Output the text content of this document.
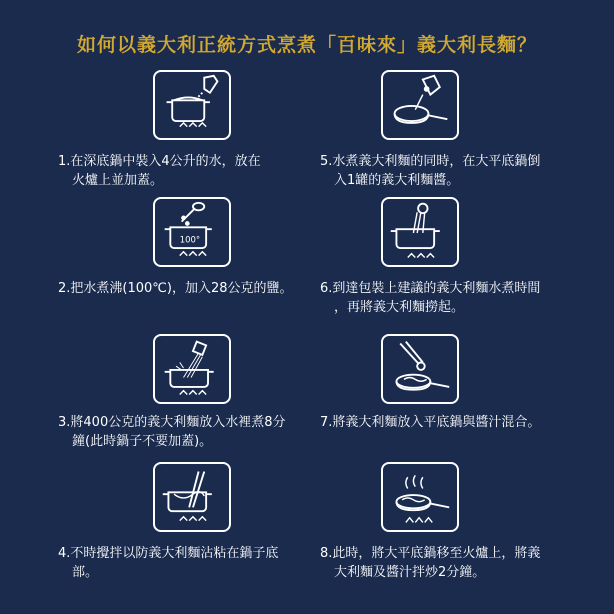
如何以義大利正統方式烹煮「百味來」義大利長麵？
1.在深底鍋中裝入4公升的水，放在
火爐上並加蓋。
100°
2.把水煮沸(100℃)，加入28公克的鹽。
3.將400公克的義大利麵放入水裡煮8分
鐘(此時鍋子不要加蓋)。
4.不時攪拌以防義大利麵沾粘在鍋子底
部。
5.水煮義大利麵的同時，在大平底鍋倒
入1罐的義大利麵醬。
6.到達包裝上建議的義大利麵水煮時間
，再將義大利麵撈起。
7.將義大利麵放入平底鍋與醬汁混合。
8.此時，將大平底鍋移至火爐上，將義
大利麵及醬汁拌炒2分鐘。
